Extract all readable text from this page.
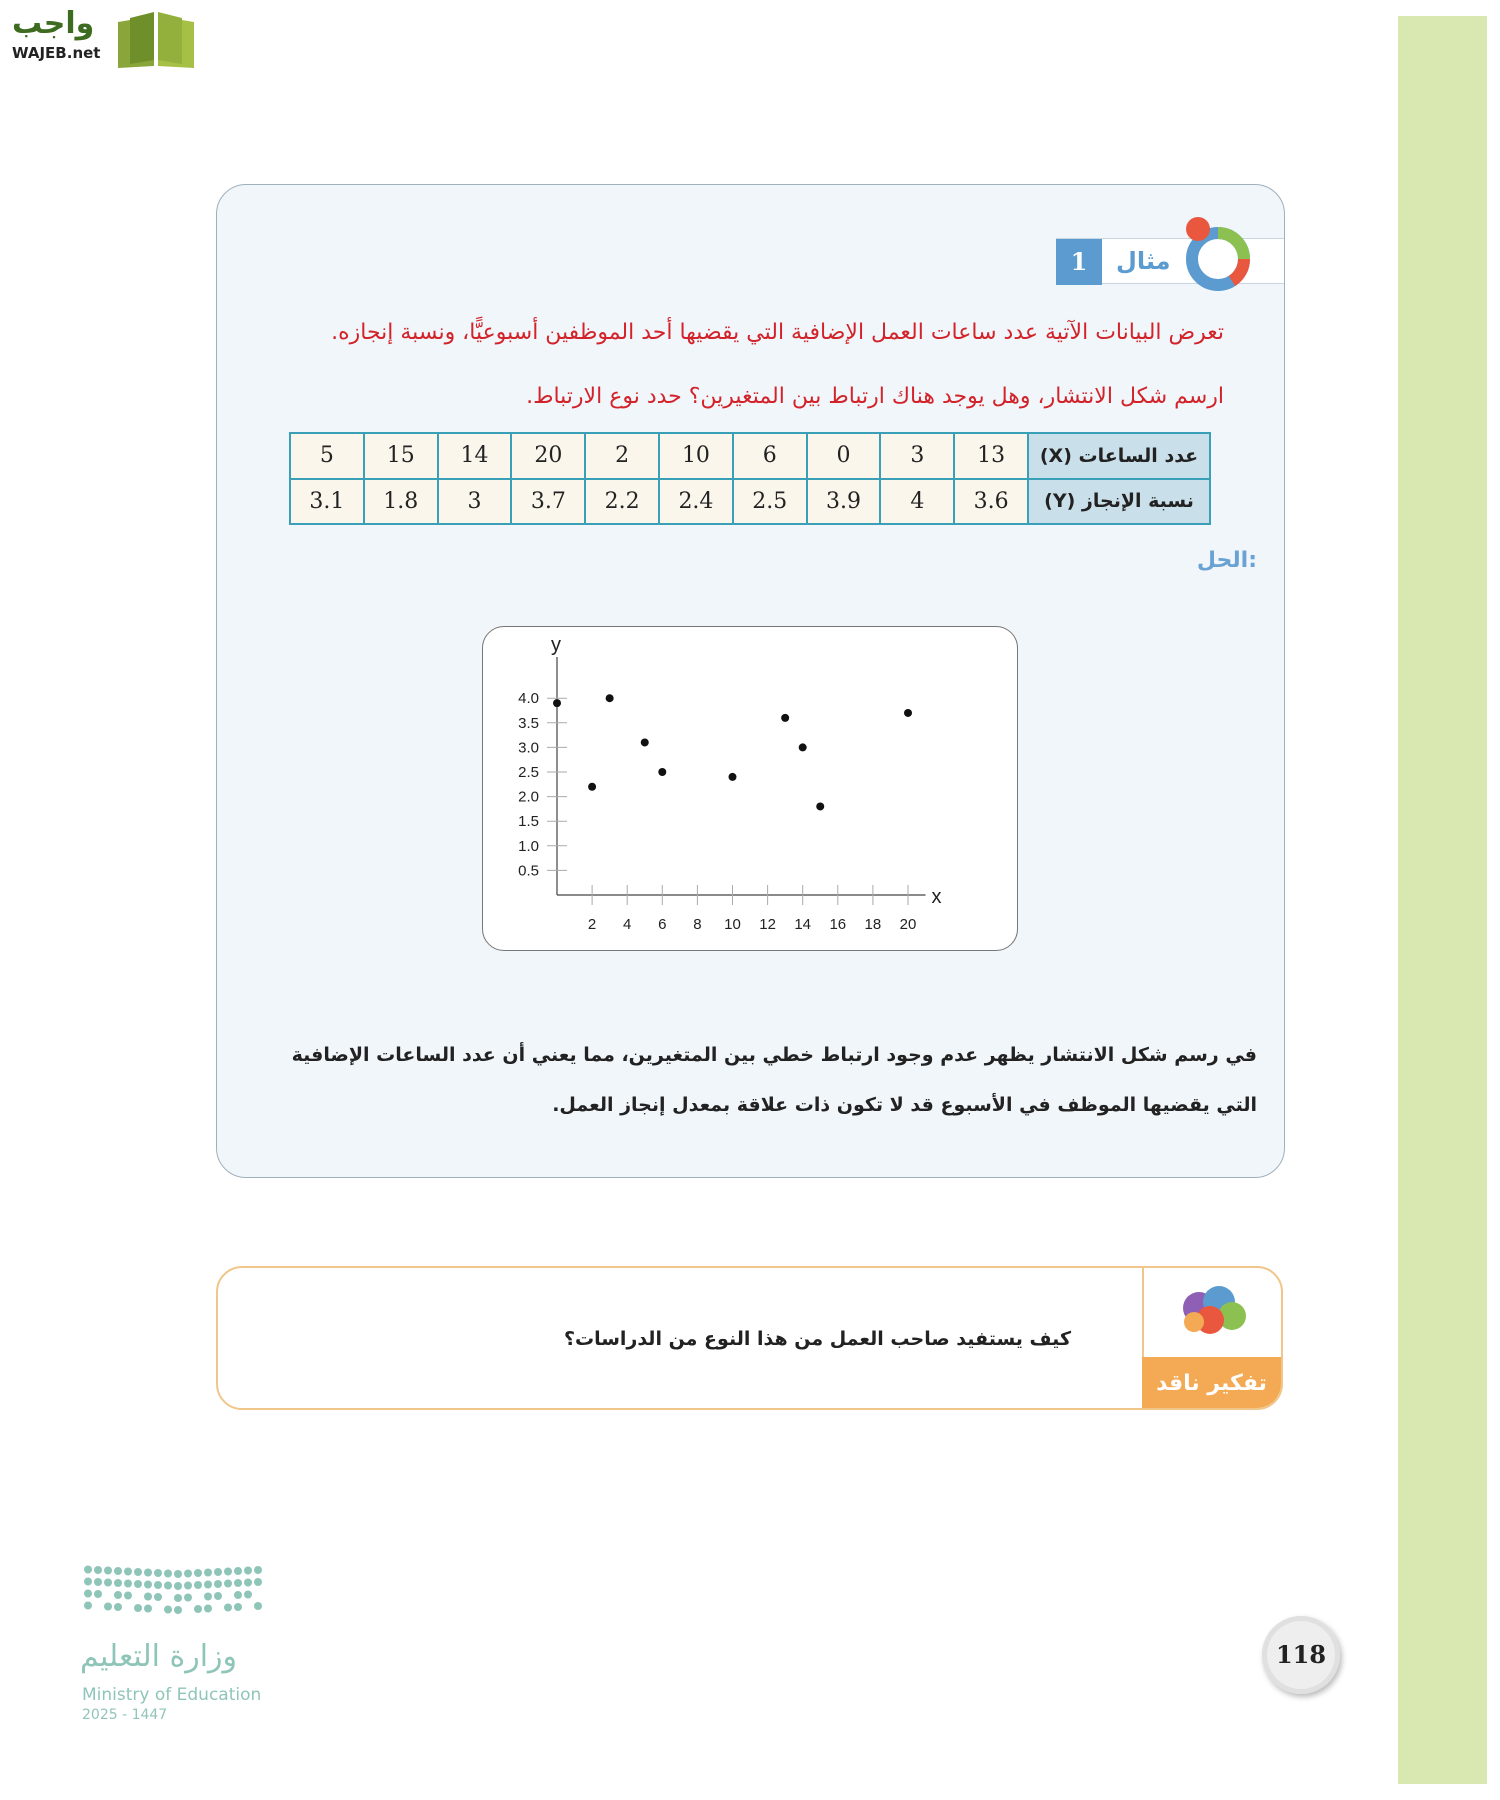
واجب
WAJEB.net
1	مثال
تعرض البيانات الآتية عدد ساعات العمل الإضافية التي يقضيها أحد الموظفين أسبوعيًّا، ونسبة إنجازه.
ارسم شكل الانتشار، وهل يوجد هناك ارتباط بين المتغيرين؟ حدد نوع الارتباط.
عدد الساعات (X)	13	3	0	6	10	2	20	14	15	5
نسبة الإنجاز (Y)	3.6	4	3.9	2.5	2.4	2.2	3.7	3	1.8	3.1
الحل:
y
x
2 4 6 8 10 12 14 16 18 20
0.5
1.0
1.5
2.0
2.5
3.0
3.5
4.0
في رسم شكل الانتشار يظهر عدم وجود ارتباط خطي بين المتغيرين، مما يعني أن عدد الساعات الإضافية
التي يقضيها الموظف في الأسبوع قد لا تكون ذات علاقة بمعدل إنجاز العمل.
تفكير ناقد
كيف يستفيد صاحب العمل من هذا النوع من الدراسات؟
وزارة التعليم
Ministry of Education
2025 - 1447
118
